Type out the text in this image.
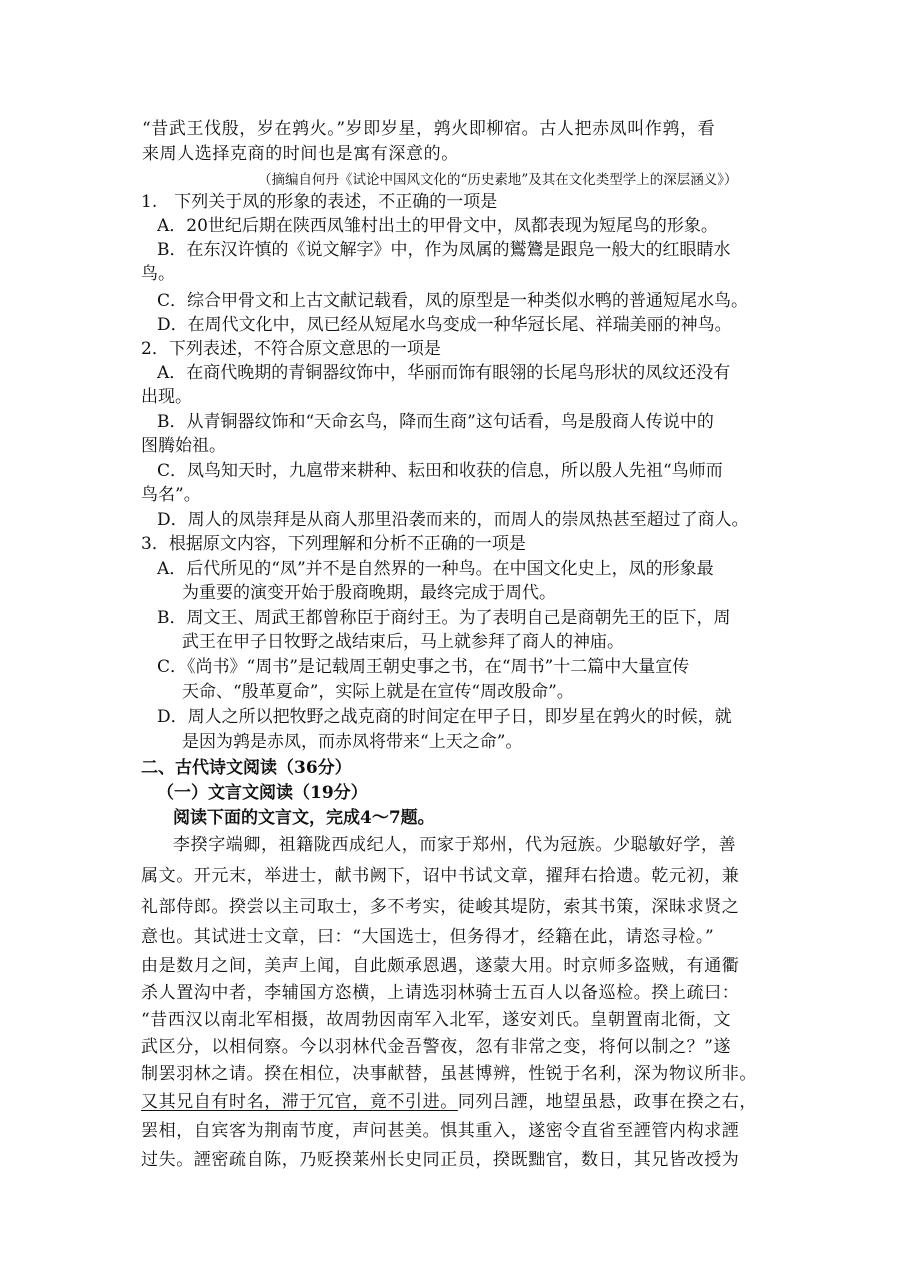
“昔武王伐殷，岁在鹑火。”岁即岁星，鹑火即柳宿。古人把赤凤叫作鹑，看
来周人选择克商的时间也是寓有深意的。
（摘编自何丹《试论中国风文化的“历史素地”及其在文化类型学上的深层涵义》）
1.　下列关于凤的形象的表述，不正确的一项是
A．20世纪后期在陕西凤雏村出土的甲骨文中，凤都表现为短尾鸟的形象。
B．在东汉许慎的《说文解字》中，作为凤属的鸑鷟是跟凫一般大的红眼睛水
鸟。
C．综合甲骨文和上古文献记载看，凤的原型是一种类似水鸭的普通短尾水鸟。
D．在周代文化中，凤已经从短尾水鸟变成一种华冠长尾、祥瑞美丽的神鸟。
2．下列表述，不符合原文意思的一项是
A．在商代晚期的青铜器纹饰中，华丽而饰有眼翎的长尾鸟形状的凤纹还没有
出现。
B．从青铜器纹饰和“天命玄鸟，降而生商”这句话看，鸟是殷商人传说中的
图腾始祖。
C．凤鸟知天时，九扈带来耕种、耘田和收获的信息，所以殷人先祖“鸟师而
鸟名”。
D．周人的凤崇拜是从商人那里沿袭而来的，而周人的崇凤热甚至超过了商人。
3．根据原文内容，下列理解和分析不正确的一项是
A．后代所见的“凤”并不是自然界的一种鸟。在中国文化史上，凤的形象最
为重要的演变开始于殷商晚期，最终完成于周代。
B．周文王、周武王都曾称臣于商纣王。为了表明自己是商朝先王的臣下，周
武王在甲子日牧野之战结束后，马上就参拜了商人的神庙。
C．《尚书》“周书”是记载周王朝史事之书，在“周书”十二篇中大量宣传
天命、“殷革夏命”，实际上就是在宣传“周改殷命”。
D．周人之所以把牧野之战克商的时间定在甲子日，即岁星在鹑火的时候，就
是因为鹑是赤凤，而赤凤将带来“上天之命”。
二、古代诗文阅读（36分）
（一）文言文阅读（19分）
阅读下面的文言文，完成4～7题。
李揆字端卿，祖籍陇西成纪人，而家于郑州，代为冠族。少聪敏好学，善
属文。开元末，举进士，献书阙下，诏中书试文章，擢拜右拾遗。乾元初，兼
礼部侍郎。揆尝以主司取士，多不考实，徒峻其堤防，索其书策，深昧求贤之
意也。其试进士文章，曰：“大国选士，但务得才，经籍在此，请恣寻检。”
由是数月之间，美声上闻，自此颇承恩遇，遂蒙大用。时京师多盗贼，有通衢
杀人置沟中者，李辅国方恣横，上请选羽林骑士五百人以备巡检。揆上疏曰：
“昔西汉以南北军相摄，故周勃因南军入北军，遂安刘氏。皇朝置南北衙，文
武区分，以相伺察。今以羽林代金吾警夜，忽有非常之变，将何以制之？”遂
制罢羽林之请。揆在相位，决事献替，虽甚博辨，性锐于名利，深为物议所非。
又其兄自有时名，滞于冗官，竟不引进。同列吕諲，地望虽悬，政事在揆之右，
罢相，自宾客为荆南节度，声问甚美。惧其重入，遂密令直省至諲管内构求諲
过失。諲密疏自陈，乃贬揆莱州长史同正员，揆既黜官，数日，其兄皆改授为
